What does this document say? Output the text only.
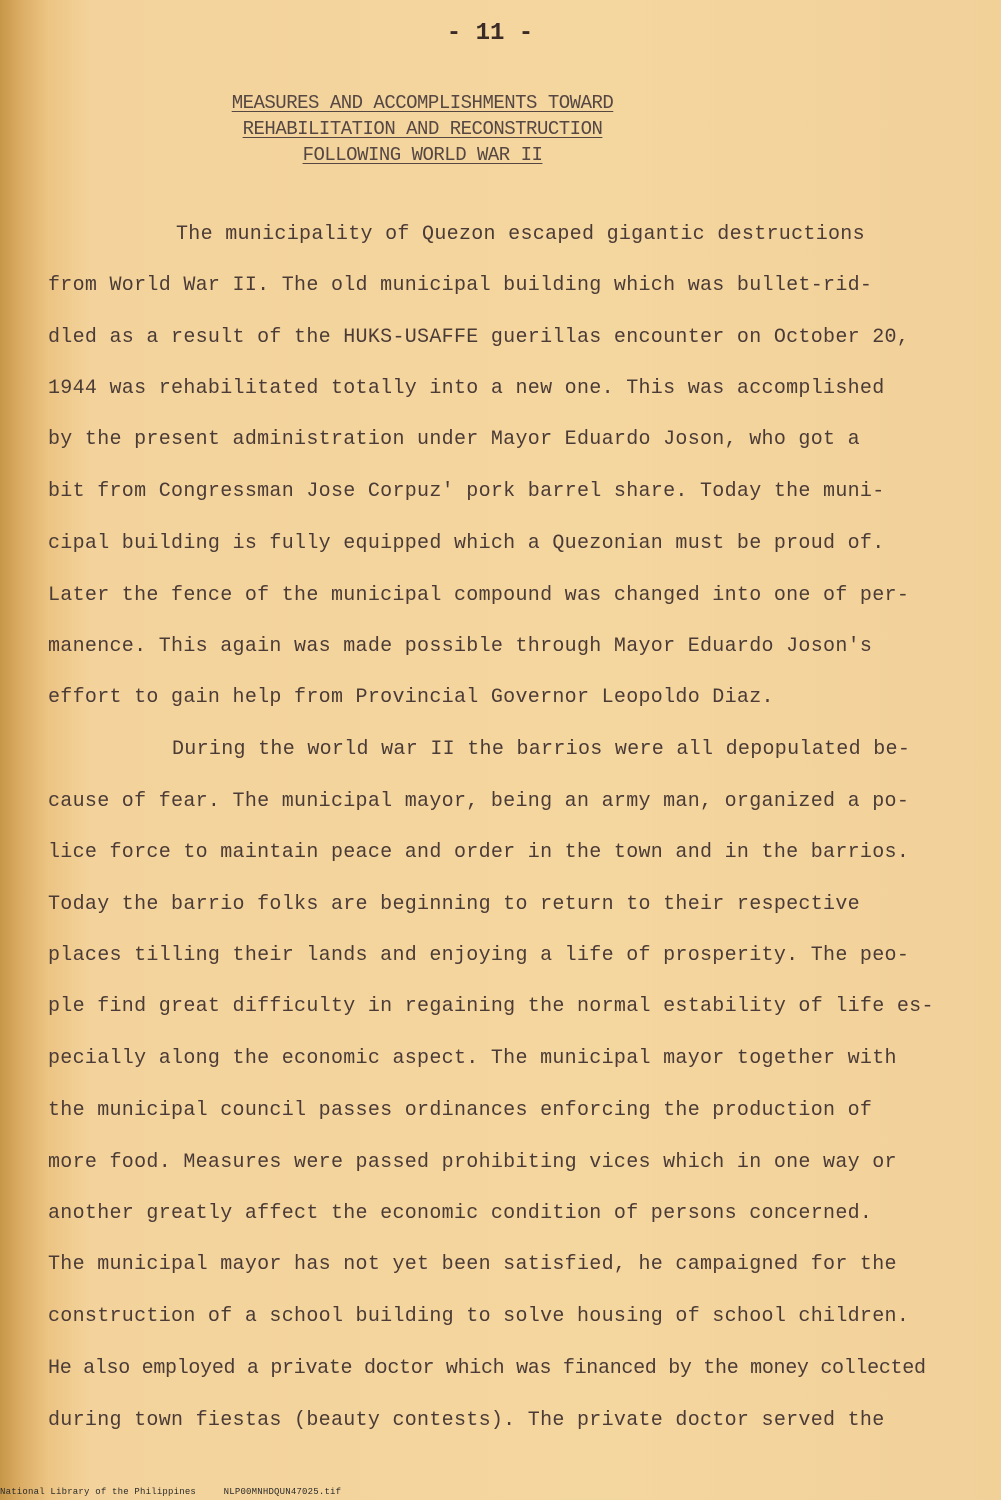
- 11 -
MEASURES AND ACCOMPLISHMENTS TOWARD
REHABILITATION AND RECONSTRUCTION
FOLLOWING WORLD WAR II
The municipality of Quezon escaped gigantic destructions
from World War II. The old municipal building which was bullet-rid-
dled as a result of the HUKS-USAFFE guerillas encounter on October 20,
1944 was rehabilitated totally into a new one. This was accomplished
by the present administration under Mayor Eduardo Joson, who got a
bit from Congressman Jose Corpuz' pork barrel share. Today the muni-
cipal building is fully equipped which a Quezonian must be proud of.
Later the fence of the municipal compound was changed into one of per-
manence. This again was made possible through Mayor Eduardo Joson's
effort to gain help from Provincial Governor Leopoldo Diaz.
During the world war II the barrios were all depopulated be-
cause of fear. The municipal mayor, being an army man, organized a po-
lice force to maintain peace and order in the town and in the barrios.
Today the barrio folks are beginning to return to their respective
places tilling their lands and enjoying a life of prosperity. The peo-
ple find great difficulty in regaining the normal estability of life es-
pecially along the economic aspect. The municipal mayor together with
the municipal council passes ordinances enforcing the production of
more food. Measures were passed prohibiting vices which in one way or
another greatly affect the economic condition of persons concerned.
The municipal mayor has not yet been satisfied, he campaigned for the
construction of a school building to solve housing of school children.
He also employed a private doctor which was financed by the money collected
during town fiestas (beauty contests). The private doctor served the
National Library of the Philippines	NLP00MNHDQUN47025.tif
